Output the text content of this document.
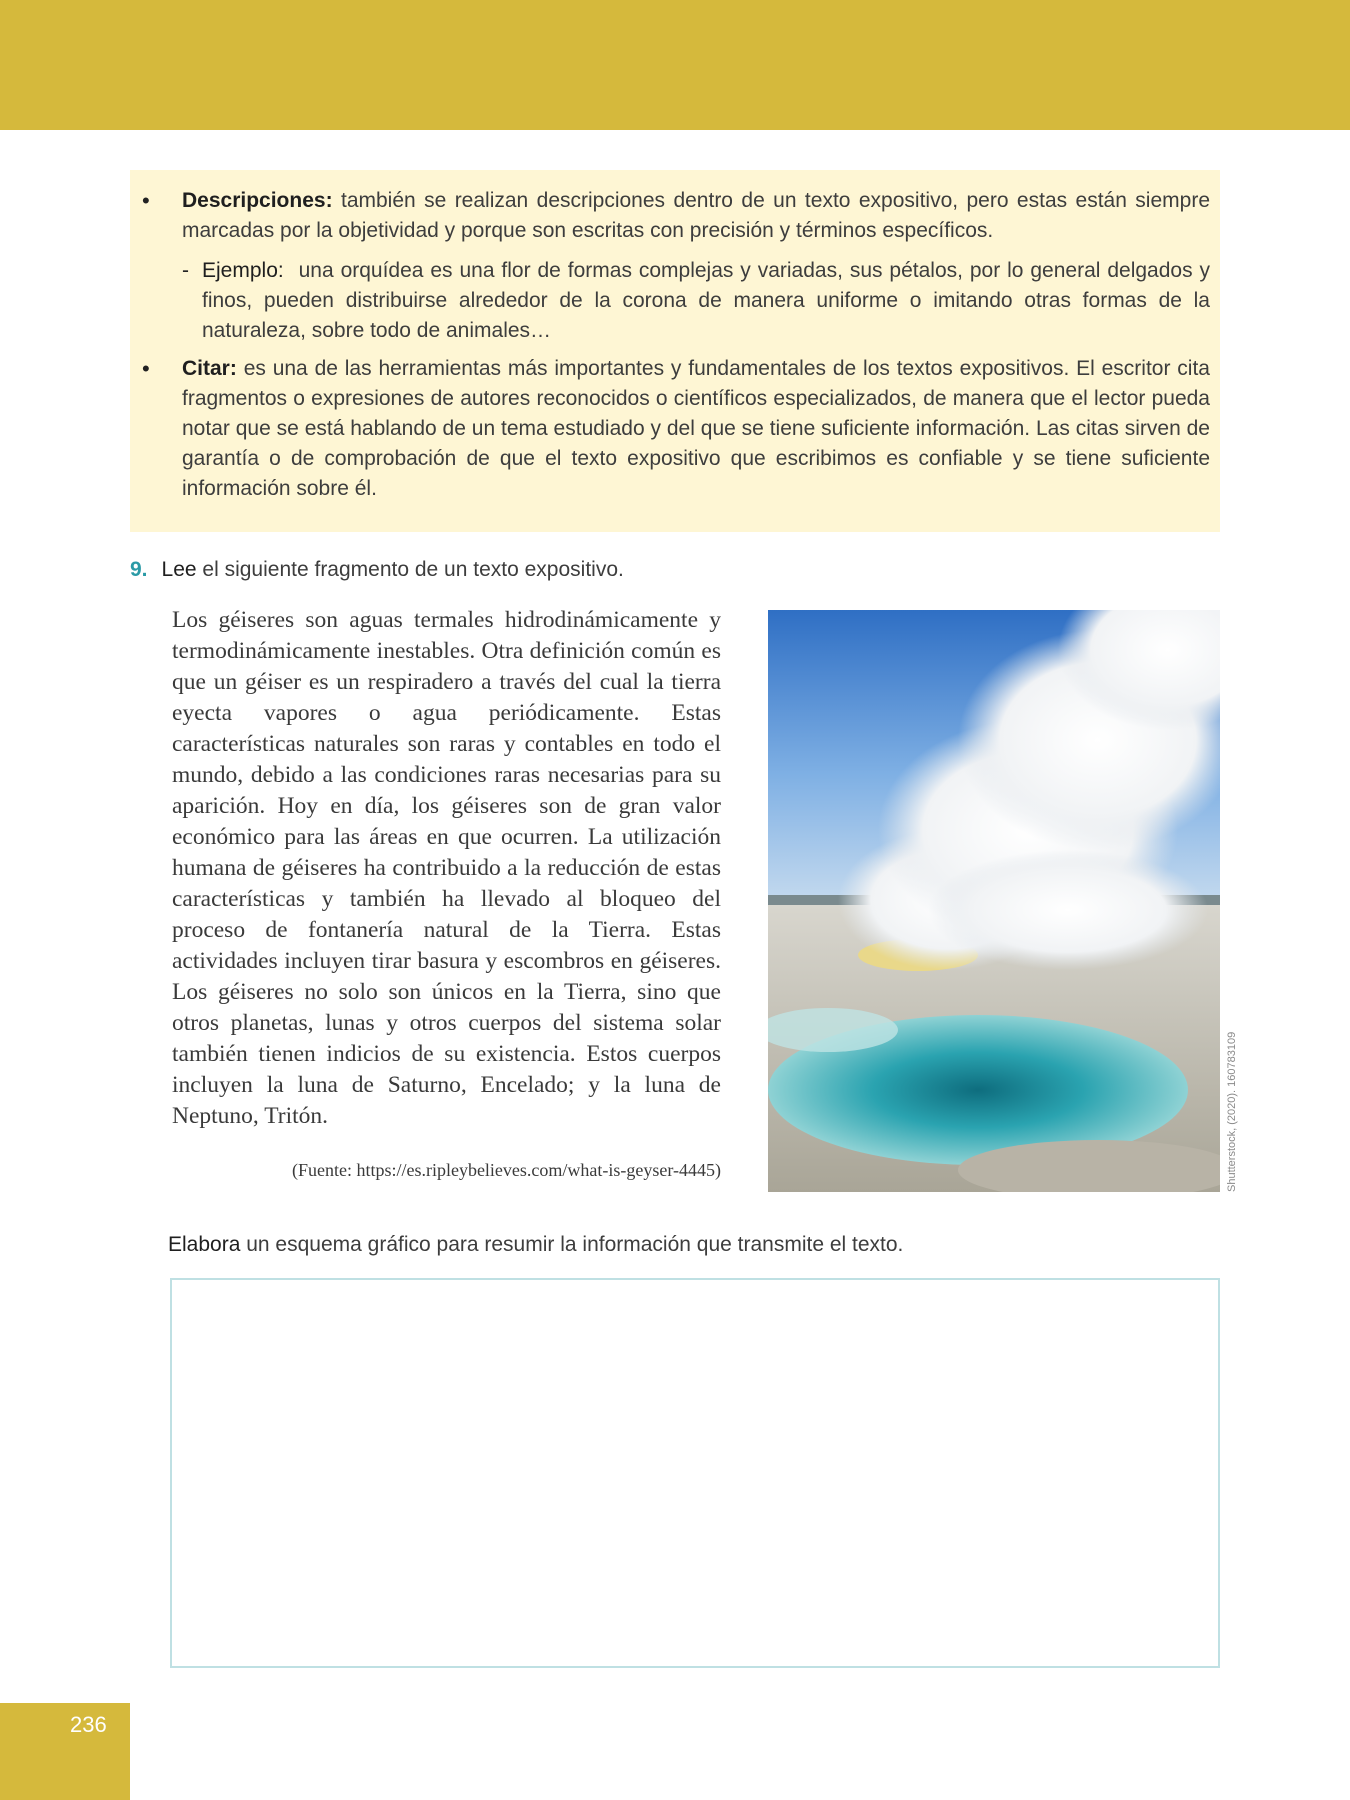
• Descripciones: también se realizan descripciones dentro de un texto expositivo, pero estas están siempre marcadas por la objetividad y porque son escritas con precisión y términos específicos.
- Ejemplo: una orquídea es una flor de formas complejas y variadas, sus pétalos, por lo general delgados y finos, pueden distribuirse alrededor de la corona de manera uniforme o imitando otras formas de la naturaleza, sobre todo de animales…
• Citar: es una de las herramientas más importantes y fundamentales de los textos expositivos. El escritor cita fragmentos o expresiones de autores reconocidos o científicos especializados, de manera que el lector pueda notar que se está hablando de un tema estudiado y del que se tiene suficiente información. Las citas sirven de garantía o de comprobación de que el texto expositivo que escribimos es confiable y se tiene suficiente información sobre él.
9. Lee el siguiente fragmento de un texto expositivo.
Los géiseres son aguas termales hidrodinámicamente y termodinámicamente inestables. Otra definición común es que un géiser es un respiradero a través del cual la tierra eyecta vapores o agua periódicamente. Estas características naturales son raras y contables en todo el mundo, debido a las condiciones raras necesarias para su aparición. Hoy en día, los géiseres son de gran valor económico para las áreas en que ocurren. La utilización humana de géiseres ha contribuido a la reducción de estas características y también ha llevado al bloqueo del proceso de fontanería natural de la Tierra. Estas actividades incluyen tirar basura y escombros en géiseres. Los géiseres no solo son únicos en la Tierra, sino que otros planetas, lunas y otros cuerpos del sistema solar también tienen indicios de su existencia. Estos cuerpos incluyen la luna de Saturno, Encelado; y la luna de Neptuno, Tritón.
(Fuente: https://es.ripleybelieves.com/what-is-geyser-4445)	Shutterstock, (2020). 160783109
Elabora un esquema gráfico para resumir la información que transmite el texto.
236
